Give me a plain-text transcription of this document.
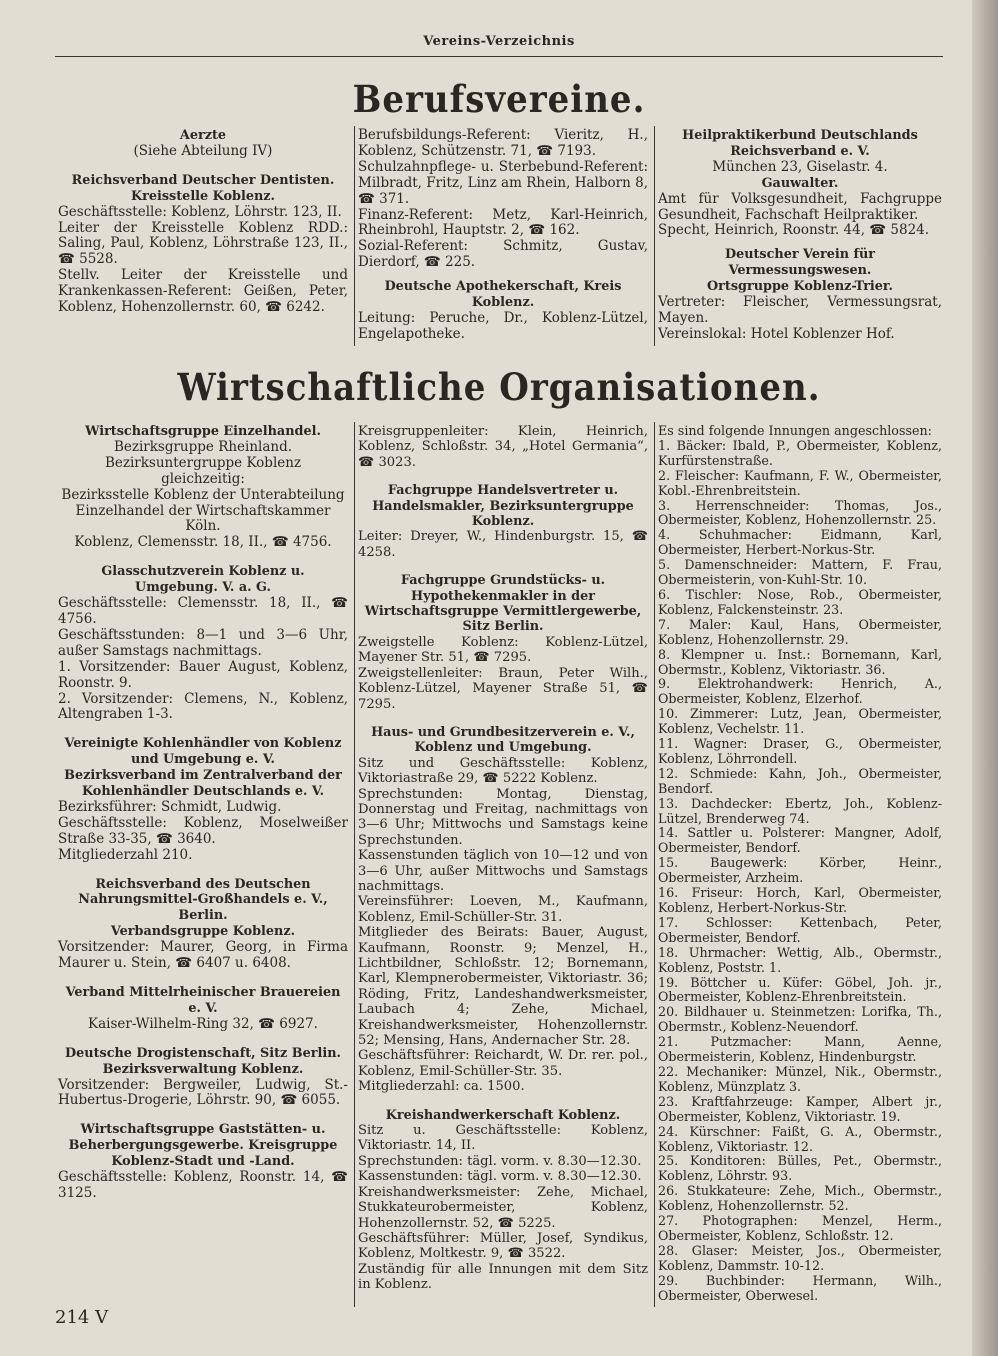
Vereins-Verzeichnis
Berufsvereine.

Aerzte

(Siehe Abteilung IV)

Reichsverband Deutscher Dentisten.

Kreisstelle Koblenz.

Geschäftsstelle: Koblenz, Löhrstr. 123, II.

Leiter der Kreisstelle Koblenz RDD.: Saling, Paul, Koblenz, Löhrstraße 123, II., ☎ 5528.

Stellv. Leiter der Kreisstelle und Krankenkassen-Referent: Geißen, Peter, Koblenz, Hohenzollernstr. 60, ☎ 6242.

Berufsbildungs-Referent: Vieritz, H., Koblenz, Schützenstr. 71, ☎ 7193.

Schulzahnpflege- u. Sterbebund-Referent: Milbradt, Fritz, Linz am Rhein, Halborn 8, ☎ 371.

Finanz-Referent: Metz, Karl-Heinrich, Rheinbrohl, Hauptstr. 2, ☎ 162.

Sozial-Referent: Schmitz, Gustav, Dierdorf, ☎ 225.

Deutsche Apothekerschaft, Kreis Koblenz.

Leitung: Peruche, Dr., Koblenz-Lützel, Engelapotheke.

Heilpraktikerbund Deutschlands Reichsverband e. V.

München 23, Giselastr. 4.

Gauwalter.

Amt für Volksgesundheit, Fachgruppe Gesundheit, Fachschaft Heilpraktiker.

Specht, Heinrich, Roonstr. 44, ☎ 5824.

Deutscher Verein für Vermessungswesen.

Ortsgruppe Koblenz-Trier.

Vertreter: Fleischer, Vermessungsrat, Mayen.

Vereinslokal: Hotel Koblenzer Hof.

Wirtschaftliche Organisationen.

Wirtschaftsgruppe Einzelhandel.

Bezirksgruppe Rheinland.

Bezirksuntergruppe Koblenz

gleichzeitig:

Bezirksstelle Koblenz der Unterabteilung Einzelhandel der Wirtschaftskammer Köln.

Koblenz, Clemensstr. 18, II., ☎ 4756.

Glasschutzverein Koblenz u. Umgebung. V. a. G.

Geschäftsstelle: Clemensstr. 18, II., ☎ 4756.

Geschäftsstunden: 8—1 und 3—6 Uhr, außer Samstags nachmittags.

1. Vorsitzender: Bauer August, Koblenz, Roonstr. 9.

2. Vorsitzender: Clemens, N., Koblenz, Altengraben 1-3.

Vereinigte Kohlenhändler von Koblenz und Umgebung e. V.

Bezirksverband im Zentralverband der Kohlenhändler Deutschlands e. V.

Bezirksführer: Schmidt, Ludwig.

Geschäftsstelle: Koblenz, Moselweißer Straße 33-35, ☎ 3640.

Mitgliederzahl 210.

Reichsverband des Deutschen Nahrungsmittel-Großhandels e. V., Berlin.

Verbandsgruppe Koblenz.

Vorsitzender: Maurer, Georg, in Firma Maurer u. Stein, ☎ 6407 u. 6408.

Verband Mittelrheinischer Brauereien e. V.

Kaiser-Wilhelm-Ring 32, ☎ 6927.

Deutsche Drogistenschaft, Sitz Berlin.

Bezirksverwaltung Koblenz.

Vorsitzender: Bergweiler, Ludwig, St.-Hubertus-Drogerie, Löhrstr. 90, ☎ 6055.

Wirtschaftsgruppe Gaststätten- u. Beherbergungsgewerbe. Kreisgruppe Koblenz-Stadt und -Land.

Geschäftsstelle: Koblenz, Roonstr. 14, ☎ 3125.

Kreisgruppenleiter: Klein, Heinrich, Koblenz, Schloßstr. 34, „Hotel Germania“, ☎ 3023.

Fachgruppe Handelsvertreter u. Handelsmakler, Bezirksuntergruppe Koblenz.

Leiter: Dreyer, W., Hindenburgstr. 15, ☎ 4258.

Fachgruppe Grundstücks- u. Hypothekenmakler in der Wirtschaftsgruppe Vermittlergewerbe, Sitz Berlin.

Zweigstelle Koblenz: Koblenz-Lützel, Mayener Str. 51, ☎ 7295.

Zweigstellenleiter: Braun, Peter Wilh., Koblenz-Lützel, Mayener Straße 51, ☎ 7295.

Haus- und Grundbesitzerverein e. V., Koblenz und Umgebung.

Sitz und Geschäftsstelle: Koblenz, Viktoriastraße 29, ☎ 5222 Koblenz.

Sprechstunden: Montag, Dienstag, Donnerstag und Freitag, nachmittags von 3—6 Uhr; Mittwochs und Samstags keine Sprechstunden.

Kassenstunden täglich von 10—12 und von 3—6 Uhr, außer Mittwochs und Samstags nachmittags.

Vereinsführer: Loeven, M., Kaufmann, Koblenz, Emil-Schüller-Str. 31.

Mitglieder des Beirats: Bauer, August, Kaufmann, Roonstr. 9; Menzel, H., Lichtbildner, Schloßstr. 12; Bornemann, Karl, Klempnerobermeister, Viktoriastr. 36; Röding, Fritz, Landeshandwerksmeister, Laubach 4; Zehe, Michael, Kreishandwerksmeister, Hohenzollernstr. 52; Mensing, Hans, Andernacher Str. 28.

Geschäftsführer: Reichardt, W. Dr. rer. pol., Koblenz, Emil-Schüller-Str. 35.

Mitgliederzahl: ca. 1500.

Kreishandwerkerschaft Koblenz.

Sitz u. Geschäftsstelle: Koblenz, Viktoriastr. 14, II.

Sprechstunden: tägl. vorm. v. 8.30—12.30.

Kassenstunden: tägl. vorm. v. 8.30—12.30.

Kreishandwerksmeister: Zehe, Michael, Stukkateurobermeister, Koblenz, Hohenzollernstr. 52, ☎ 5225.

Geschäftsführer: Müller, Josef, Syndikus, Koblenz, Moltkestr. 9, ☎ 3522.

Zuständig für alle Innungen mit dem Sitz in Koblenz.

Es sind folgende Innungen angeschlossen:

1. Bäcker: Ibald, P., Obermeister, Koblenz, Kurfürstenstraße.

2. Fleischer: Kaufmann, F. W., Obermeister, Kobl.-Ehrenbreitstein.

3. Herrenschneider: Thomas, Jos., Obermeister, Koblenz, Hohenzollernstr. 25.

4. Schuhmacher: Eidmann, Karl, Obermeister, Herbert-Norkus-Str.

5. Damenschneider: Mattern, F. Frau, Obermeisterin, von-Kuhl-Str. 10.

6. Tischler: Nose, Rob., Obermeister, Koblenz, Falckensteinstr. 23.

7. Maler: Kaul, Hans, Obermeister, Koblenz, Hohenzollernstr. 29.

8. Klempner u. Inst.: Bornemann, Karl, Obermstr., Koblenz, Viktoriastr. 36.

9. Elektrohandwerk: Henrich, A., Obermeister, Koblenz, Elzerhof.

10. Zimmerer: Lutz, Jean, Obermeister, Koblenz, Vechelstr. 11.

11. Wagner: Draser, G., Obermeister, Koblenz, Löhrrondell.

12. Schmiede: Kahn, Joh., Obermeister, Bendorf.

13. Dachdecker: Ebertz, Joh., Koblenz-Lützel, Brenderweg 74.

14. Sattler u. Polsterer: Mangner, Adolf, Obermeister, Bendorf.

15. Baugewerk: Körber, Heinr., Obermeister, Arzheim.

16. Friseur: Horch, Karl, Obermeister, Koblenz, Herbert-Norkus-Str.

17. Schlosser: Kettenbach, Peter, Obermeister, Bendorf.

18. Uhrmacher: Wettig, Alb., Obermstr., Koblenz, Poststr. 1.

19. Böttcher u. Küfer: Göbel, Joh. jr., Obermeister, Koblenz-Ehrenbreitstein.

20. Bildhauer u. Steinmetzen: Lorifka, Th., Obermstr., Koblenz-Neuendorf.

21. Putzmacher: Mann, Aenne, Obermeisterin, Koblenz, Hindenburgstr.

22. Mechaniker: Münzel, Nik., Obermstr., Koblenz, Münzplatz 3.

23. Kraftfahrzeuge: Kamper, Albert jr., Obermeister, Koblenz, Viktoriastr. 19.

24. Kürschner: Faißt, G. A., Obermstr., Koblenz, Viktoriastr. 12.

25. Konditoren: Bülles, Pet., Obermstr., Koblenz, Löhrstr. 93.

26. Stukkateure: Zehe, Mich., Obermstr., Koblenz, Hohenzollernstr. 52.

27. Photographen: Menzel, Herm., Obermeister, Koblenz, Schloßstr. 12.

28. Glaser: Meister, Jos., Obermeister, Koblenz, Dammstr. 10-12.

29. Buchbinder: Hermann, Wilh., Obermeister, Oberwesel.

214 V
